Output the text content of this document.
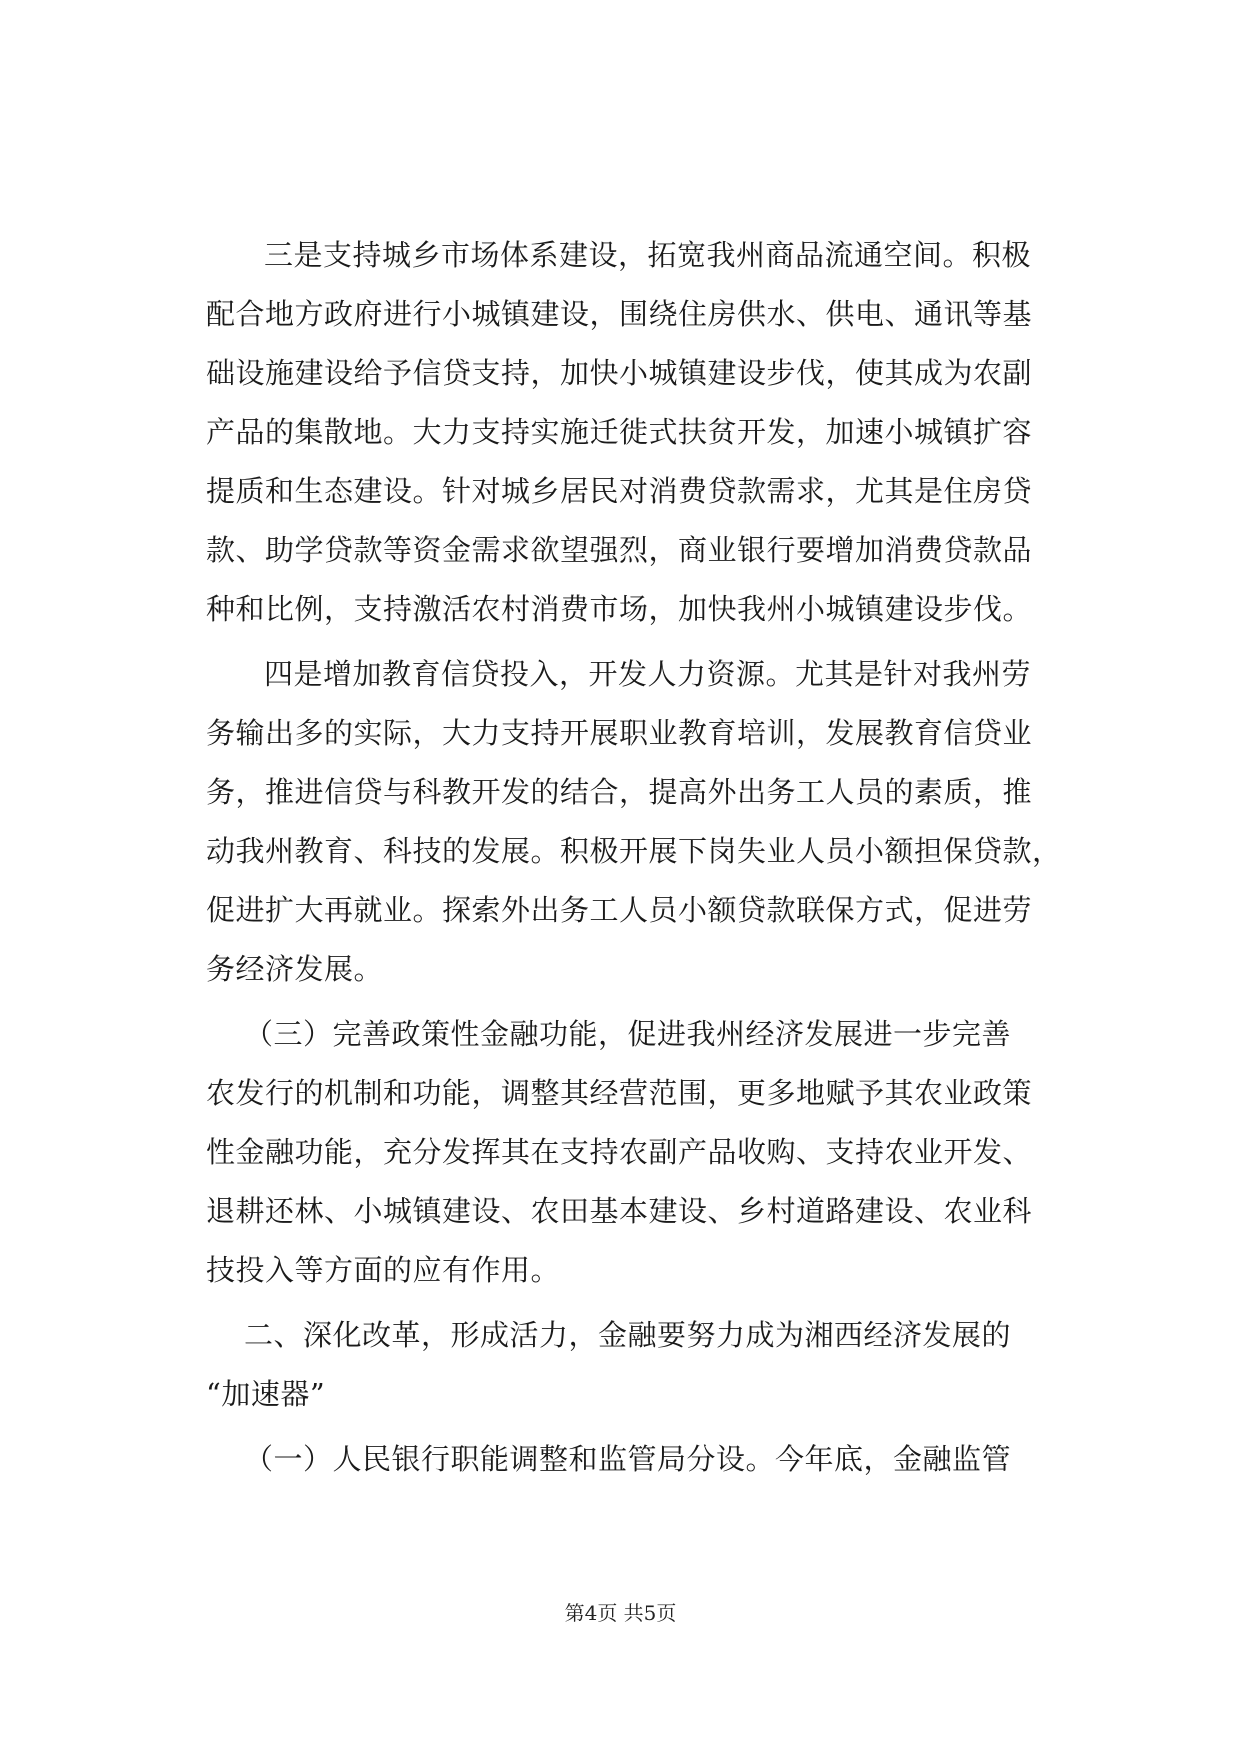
三是支持城乡市场体系建设，拓宽我州商品流通空间。积极
配合地方政府进行小城镇建设，围绕住房供水、供电、通讯等基
础设施建设给予信贷支持，加快小城镇建设步伐，使其成为农副
产品的集散地。大力支持实施迁徙式扶贫开发，加速小城镇扩容
提质和生态建设。针对城乡居民对消费贷款需求，尤其是住房贷
款、助学贷款等资金需求欲望强烈，商业银行要增加消费贷款品
种和比例，支持激活农村消费市场，加快我州小城镇建设步伐。
四是增加教育信贷投入，开发人力资源。尤其是针对我州劳
务输出多的实际，大力支持开展职业教育培训，发展教育信贷业
务，推进信贷与科教开发的结合，提高外出务工人员的素质，推
动我州教育、科技的发展。积极开展下岗失业人员小额担保贷款，
促进扩大再就业。探索外出务工人员小额贷款联保方式，促进劳
务经济发展。
（三）完善政策性金融功能，促进我州经济发展进一步完善
农发行的机制和功能，调整其经营范围，更多地赋予其农业政策
性金融功能，充分发挥其在支持农副产品收购、支持农业开发、
退耕还林、小城镇建设、农田基本建设、乡村道路建设、农业科
技投入等方面的应有作用。
二、深化改革，形成活力，金融要努力成为湘西经济发展的
“加速器”
（一）人民银行职能调整和监管局分设。今年底，金融监管
第4页 共5页
